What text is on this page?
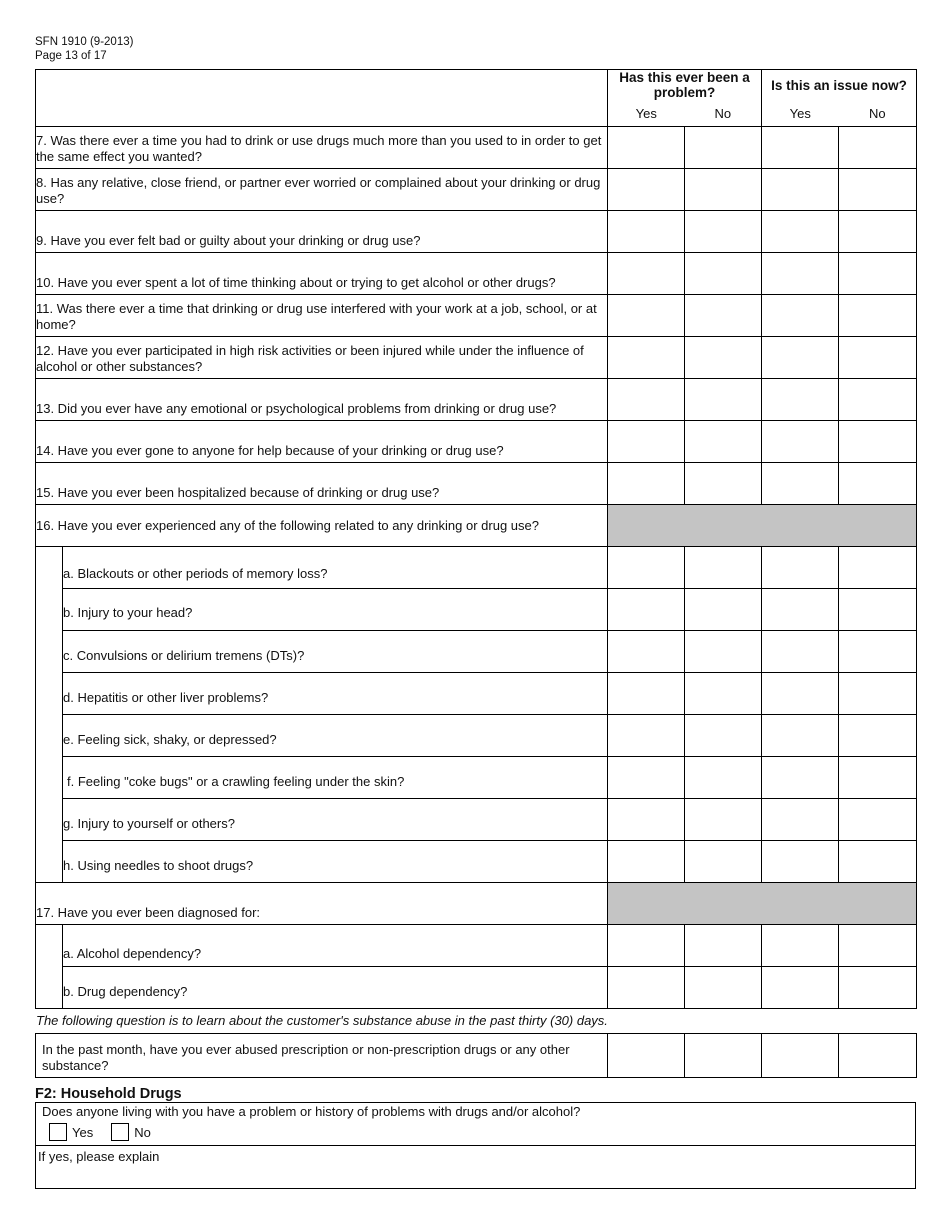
SFN 1910 (9-2013)
Page 13 of 17
		Has this ever been a problem?		Is this an issue now?	
		Yes	No	Yes	No

7. Was there ever a time you had to drink or use drugs much more than you used to in order to get the same effect you wanted?					

8. Has any relative, close friend, or partner ever worried or complained about your drinking or drug use?					

9. Have you ever felt bad or guilty about your drinking or drug use?					

10. Have you ever spent a lot of time thinking about or trying to get alcohol or other drugs?					

11. Was there ever a time that drinking or drug use interfered with your work at a job, school, or at home?					

12. Have you ever participated in high risk activities or been injured while under the influence of alcohol or other substances?					

13. Did you ever have any emotional or psychological problems from drinking or drug use?					

14. Have you ever gone to anyone for help because of your drinking or drug use?					

15. Have you ever been hospitalized because of drinking or drug use?					

16. Have you ever experienced any of the following related to any drinking or drug use?					

	a. Blackouts or other periods of memory loss?				

	b. Injury to your head?				

	c. Convulsions or delirium tremens (DTs)?				

	d. Hepatitis or other liver problems?				

	e. Feeling sick, shaky, or depressed?				

	f. Feeling "coke bugs" or a crawling feeling under the skin?				

	g. Injury to yourself or others?				

	h. Using needles to shoot drugs?				

17. Have you ever been diagnosed for:					

	a. Alcohol dependency?				

	b. Drug dependency?				

The following question is to learn about the customer's substance abuse in the past thirty (30) days.
In the past month, have you ever abused prescription or non-prescription drugs or any other substance?

F2: Household Drugs
Does anyone living with you have a problem or history of problems with drugs and/or alcohol?
Yes	No
If yes, please explain
